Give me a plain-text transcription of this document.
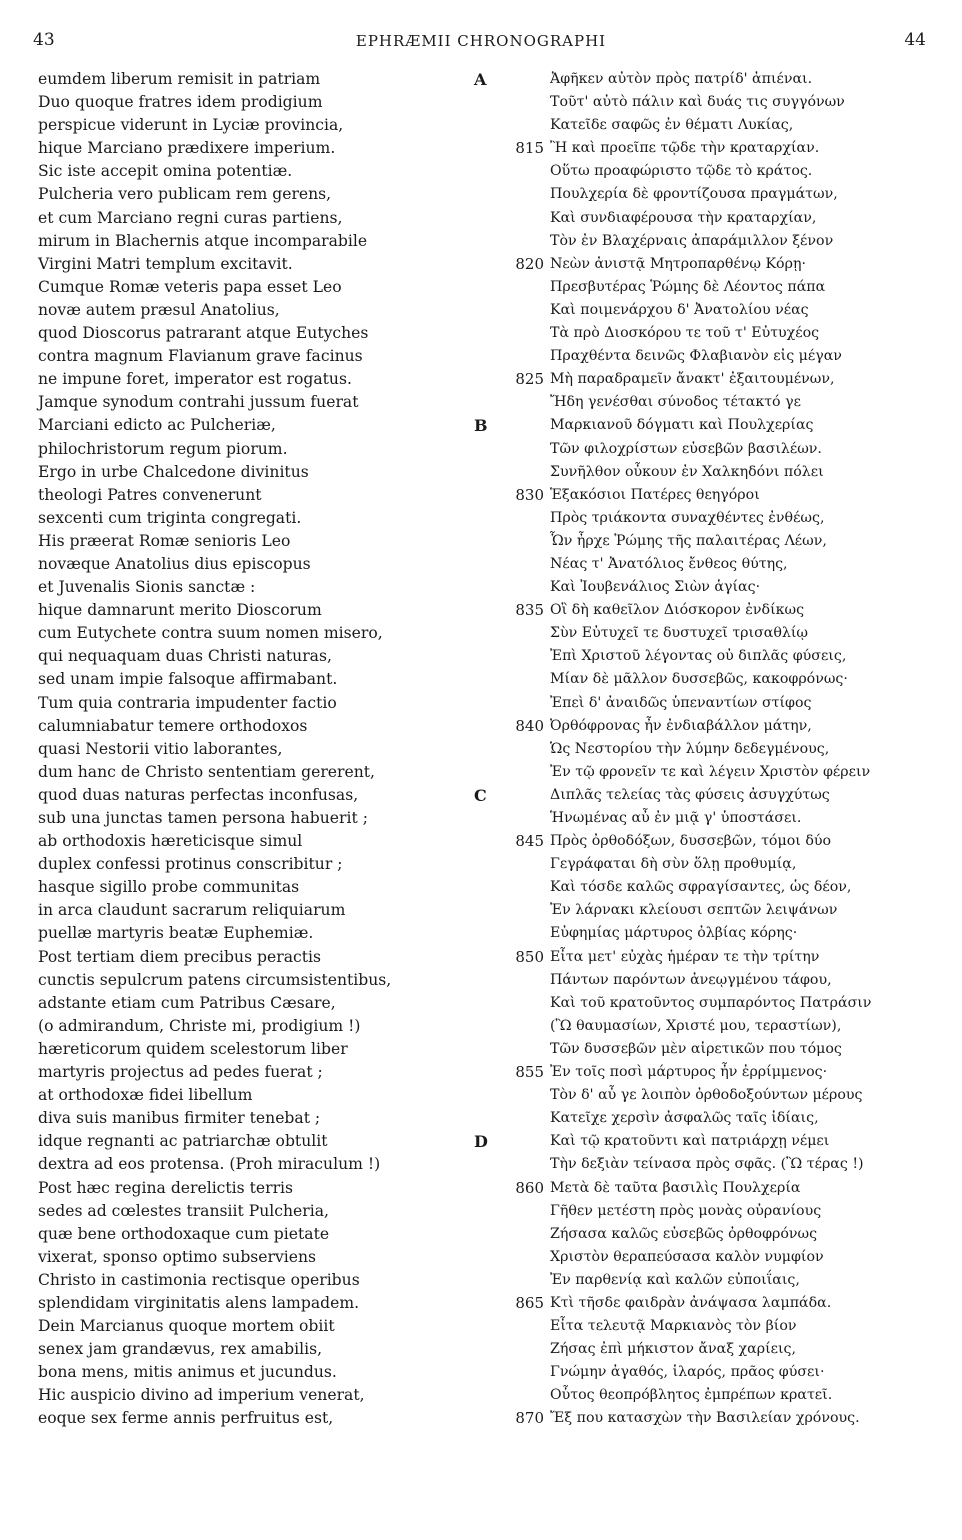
43	EPHRÆMII CHRONOGRAPHI	44
eumdem liberum remisit in patriam
Duo quoque fratres idem prodigium
perspicue viderunt in Lyciæ provincia,
hique Marciano prædixere imperium.
Sic iste accepit omina potentiæ.
Pulcheria vero publicam rem gerens,
et cum Marciano regni curas partiens,
mirum in Blachernis atque incomparabile
Virgini Matri templum excitavit.
Cumque Romæ veteris papa esset Leo
novæ autem præsul Anatolius,
quod Dioscorus patrarant atque Eutyches
contra magnum Flavianum grave facinus
ne impune foret, imperator est rogatus.
Jamque synodum contrahi jussum fuerat
Marciani edicto ac Pulcheriæ,
philochristorum regum piorum.
Ergo in urbe Chalcedone divinitus
theologi Patres convenerunt
sexcenti cum triginta congregati.
His præerat Romæ senioris Leo
novæque Anatolius dius episcopus
et Juvenalis Sionis sanctæ :
hique damnarunt merito Dioscorum
cum Eutychete contra suum nomen misero,
qui nequaquam duas Christi naturas,
sed unam impie falsoque affirmabant.
Tum quia contraria impudenter factio
calumniabatur temere orthodoxos
quasi Nestorii vitio laborantes,
dum hanc de Christo sententiam gererent,
quod duas naturas perfectas inconfusas,
sub una junctas tamen persona habuerit ;
ab orthodoxis hæreticisque simul
duplex confessi protinus conscribitur ;
hasque sigillo probe communitas
in arca claudunt sacrarum reliquiarum
puellæ martyris beatæ Euphemiæ.
Post tertiam diem precibus peractis
cunctis sepulcrum patens circumsistentibus,
adstante etiam cum Patribus Cæsare,
(o admirandum, Christe mi, prodigium !)
hæreticorum quidem scelestorum liber
martyris projectus ad pedes fuerat ;
at orthodoxæ fidei libellum
diva suis manibus firmiter tenebat ;
idque regnanti ac patriarchæ obtulit
dextra ad eos protensa. (Proh miraculum !)
Post hæc regina derelictis terris
sedes ad cœlestes transiit Pulcheria,
quæ bene orthodoxaque cum pietate
vixerat, sponso optimo subserviens
Christo in castimonia rectisque operibus
splendidam virginitatis alens lampadem.
Dein Marcianus quoque mortem obiit
senex jam grandævus, rex amabilis,
bona mens, mitis animus et jucundus.
Hic auspicio divino ad imperium venerat,
eoque sex ferme annis perfruitus est,
A	Ἀφῆκεν αὐτὸν πρὸς πατρίδ' ἀπιέναι.
Τοῦτ' αὐτὸ πάλιν καὶ δυάς τις συγγόνων
Κατεῖδε σαφῶς ἐν θέματι Λυκίας,
815 Ἢ καὶ προεῖπε τῷδε τὴν κραταρχίαν.
Οὕτω προαφώριστο τῷδε τὸ κράτος.
Πουλχερία δὲ φροντίζουσα πραγμάτων,
Καὶ συνδιαφέρουσα τὴν κραταρχίαν,
Τὸν ἐν Βλαχέρναις ἀπαράμιλλον ξένον
820 Νεὼν ἀνιστᾷ Μητροπαρθένῳ Κόρῃ·
Πρεσβυτέρας Ῥώμης δὲ Λέοντος πάπα
Καὶ ποιμενάρχου δ' Ἀνατολίου νέας
Τὰ πρὸ Διοσκόρου τε τοῦ τ' Εὐτυχέος
Πραχθέντα δεινῶς Φλαβιανὸν εἰς μέγαν
825 Μὴ παραδραμεῖν ἄνακτ' ἐξαιτουμένων,
Ἤδη γενέσθαι σύνοδος τέτακτό γε
B	Μαρκιανοῦ δόγματι καὶ Πουλχερίας
Τῶν φιλοχρίστων εὐσεβῶν βασιλέων.
Συνῆλθον οὖκουν ἐν Χαλκηδόνι πόλει
830 Ἑξακόσιοι Πατέρες θεηγόροι
Πρὸς τριάκοντα συναχθέντες ἐνθέως,
Ὧν ἦρχε Ῥώμης τῆς παλαιτέρας Λέων,
Νέας τ' Ἀνατόλιος ἔνθεος θύτης,
Καὶ Ἰουβενάλιος Σιὼν ἁγίας·
835 Οἳ δὴ καθεῖλον Διόσκορον ἐνδίκως
Σὺν Εὐτυχεῖ τε δυστυχεῖ τρισαθλίῳ
Ἐπὶ Χριστοῦ λέγοντας οὐ διπλᾶς φύσεις,
Μίαν δὲ μᾶλλον δυσσεβῶς, κακοφρόνως·
Ἐπεὶ δ' ἀναιδῶς ὑπεναντίων στίφος
840 Ὀρθόφρονας ἦν ἐνδιαβάλλον μάτην,
Ὡς Νεστορίου τὴν λύμην δεδεγμένους,
Ἐν τῷ φρονεῖν τε καὶ λέγειν Χριστὸν φέρειν
C	Διπλᾶς τελείας τὰς φύσεις ἀσυγχύτως
Ἡνωμένας αὖ ἐν μιᾷ γ' ὑποστάσει.
845 Πρὸς ὀρθοδόξων, δυσσεβῶν, τόμοι δύο
Γεγράφαται δὴ σὺν ὅλῃ προθυμίᾳ,
Καὶ τόσδε καλῶς σφραγίσαντες, ὡς δέον,
Ἐν λάρνακι κλείουσι σεπτῶν λειψάνων
Εὐφημίας μάρτυρος ὀλβίας κόρης·
850 Εἶτα μετ' εὐχὰς ἡμέραν τε τὴν τρίτην
Πάντων παρόντων ἀνεῳγμένου τάφου,
Καὶ τοῦ κρατοῦντος συμπαρόντος Πατράσιν
(Ὢ θαυμασίων, Χριστέ μου, τεραστίων),
Τῶν δυσσεβῶν μὲν αἱρετικῶν που τόμος
855 Ἐν τοῖς ποσὶ μάρτυρος ἦν ἐρρίμμενος·
Τὸν δ' αὖ γε λοιπὸν ὀρθοδοξούντων μέρους
Κατεῖχε χερσὶν ἀσφαλῶς ταῖς ἰδίαις,
D	Καὶ τῷ κρατοῦντι καὶ πατριάρχῃ νέμει
Τὴν δεξιὰν τείνασα πρὸς σφᾶς. (Ὢ τέρας !)
860 Μετὰ δὲ ταῦτα βασιλὶς Πουλχερία
Γῆθεν μετέστη πρὸς μονὰς οὐρανίους
Ζήσασα καλῶς εὐσεβῶς ὀρθοφρόνως
Χριστὸν θεραπεύσασα καλὸν νυμφίον
Ἐν παρθενίᾳ καὶ καλῶν εὐποιΐαις,
865 Κτὶ τῆσδε φαιδρὰν ἀνάψασα λαμπάδα.
Εἶτα τελευτᾷ Μαρκιανὸς τὸν βίον
Ζήσας ἐπὶ μήκιστον ἄναξ χαρίεις,
Γνώμην ἀγαθός, ἱλαρός, πρᾶος φύσει·
Οὗτος θεοπρόβλητος ἐμπρέπων κρατεῖ.
870 Ἔξ που κατασχὼν τὴν Βασιλείαν χρόνους.
